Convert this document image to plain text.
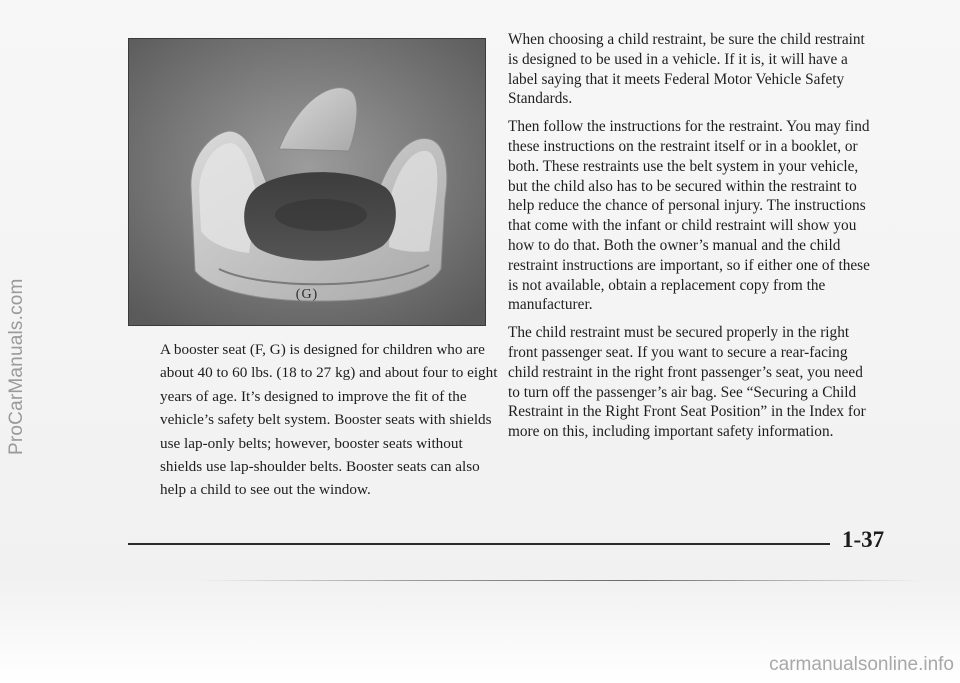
ProCarManuals.com	(G)
A booster seat (F, G) is designed for children who are about 40 to 60 lbs. (18 to 27 kg) and about four to eight years of age. It’s designed to improve the fit of the vehicle’s safety belt system. Booster seats with shields use lap-only belts; however, booster seats without shields use lap-shoulder belts. Booster seats can also help a child to see out the window.

When choosing a child restraint, be sure the child restraint is designed to be used in a vehicle. If it is, it will have a label saying that it meets Federal Motor Vehicle Safety Standards.

Then follow the instructions for the restraint. You may find these instructions on the restraint itself or in a booklet, or both. These restraints use the belt system in your vehicle, but the child also has to be secured within the restraint to help reduce the chance of personal injury. The instructions that come with the infant or child restraint will show you how to do that. Both the owner’s manual and the child restraint instructions are important, so if either one of these is not available, obtain a replacement copy from the manufacturer.

The child restraint must be secured properly in the right front passenger seat. If you want to secure a rear-facing child restraint in the right front passenger’s seat, you need to turn off the passenger’s air bag. See “Securing a Child Restraint in the Right Front Seat Position” in the Index for more on this, including important safety information.

1-37
carmanualsonline.info
